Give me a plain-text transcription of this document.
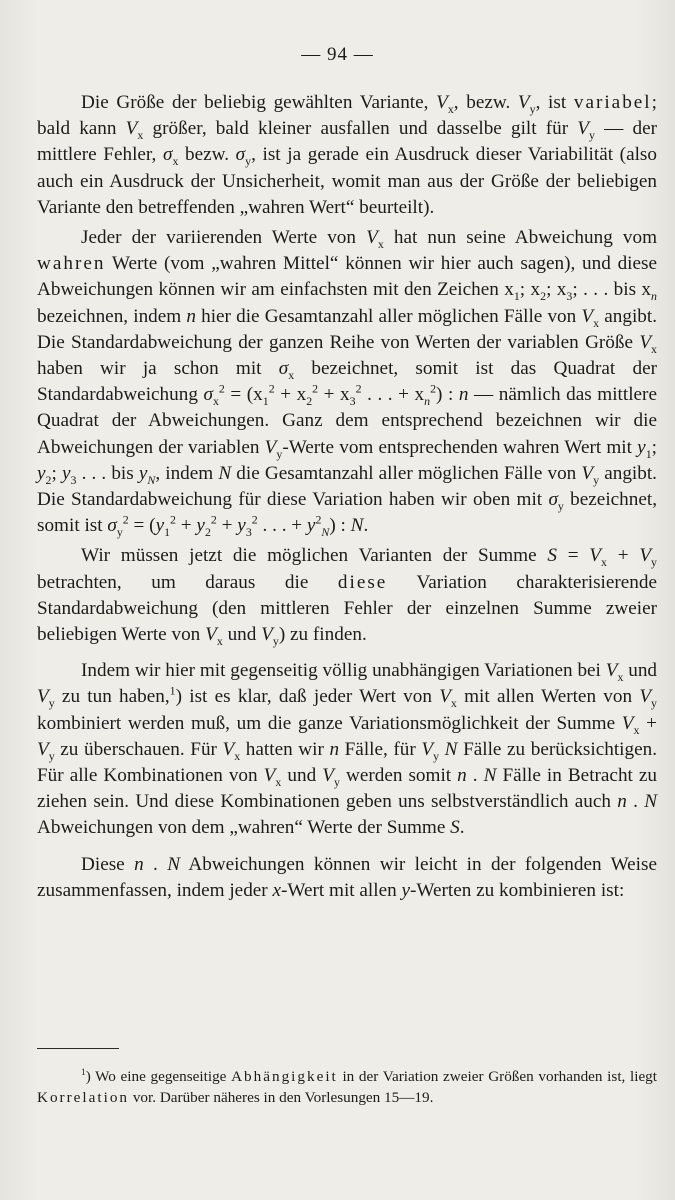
— 94 —

Die Größe der beliebig gewählten Variante, $V_x$, bezw. $V_y$, ist variabel; bald kann $V_x$ größer, bald kleiner ausfallen und dasselbe gilt für $V_y$ — der mittlere Fehler, $\sigma_x$ bezw. $\sigma_y$, ist ja gerade ein Ausdruck dieser Variabilität (also auch ein Ausdruck der Unsicherheit, womit man aus der Größe der beliebigen Variante den betreffenden „wahren Wert“ beurteilt).

Jeder der variierenden Werte von $V_x$ hat nun seine Abweichung vom wahren Werte (vom „wahren Mittel“ können wir hier auch sagen), und diese Abweichungen können wir am einfachsten mit den Zeichen $x_1$; $x_2$; $x_3$; . . . bis $x_n$ bezeichnen, indem n hier die Gesamtanzahl aller möglichen Fälle von $V_x$ angibt. Die Standardabweichung der ganzen Reihe von Werten der variablen Größe $V_x$ haben wir ja schon mit $\sigma_x$ bezeichnet, somit ist das Quadrat der Standardabweichung $\sigma_x^2 = (x_1^2 + x_2^2 + x_3^2$ . . . + $x_n^2$) : n — nämlich das mittlere Quadrat der Abweichungen. Ganz dem entsprechend bezeichnen wir die Abweichungen der variablen $V_y$-Werte vom entsprechenden wahren Wert mit $y_1$; $y_2$; $y_3$ . . . bis $y_N$, indem N die Gesamtanzahl aller möglichen Fälle von $V_y$ angibt. Die Standardabweichung für diese Variation haben wir oben mit $\sigma_y$ bezeichnet, somit ist $\sigma_y^2 = (y_1^2 + y_2^2 + y_3^2$ . . . + $y^2_N$) : N.

Wir müssen jetzt die möglichen Varianten der Summe $S = V_x + V_y$ betrachten, um daraus die diese Variation charakterisierende Standardabweichung (den mittleren Fehler der einzelnen Summe zweier beliebigen Werte von $V_x$ und $V_y$) zu finden.

Indem wir hier mit gegenseitig völlig unabhängigen Variationen bei $V_x$ und $V_y$ zu tun haben,$^1$) ist es klar, daß jeder Wert von $V_x$ mit allen Werten von $V_y$ kombiniert werden muß, um die ganze Variationsmöglichkeit der Summe $V_x + V_y$ zu überschauen. Für $V_x$ hatten wir n Fälle, für $V_y$ N Fälle zu berücksichtigen. Für alle Kombinationen von $V_x$ und $V_y$ werden somit n . N Fälle in Betracht zu ziehen sein. Und diese Kombinationen geben uns selbstverständlich auch n . N Abweichungen von dem „wahren“ Werte der Summe S.

Diese n . N Abweichungen können wir leicht in der folgenden Weise zusammenfassen, indem jeder x-Wert mit allen y-Werten zu kombinieren ist:

$^1$) Wo eine gegenseitige Abhängigkeit in der Variation zweier Größen vorhanden ist, liegt Korrelation vor. Darüber näheres in den Vorlesungen 15—19.
